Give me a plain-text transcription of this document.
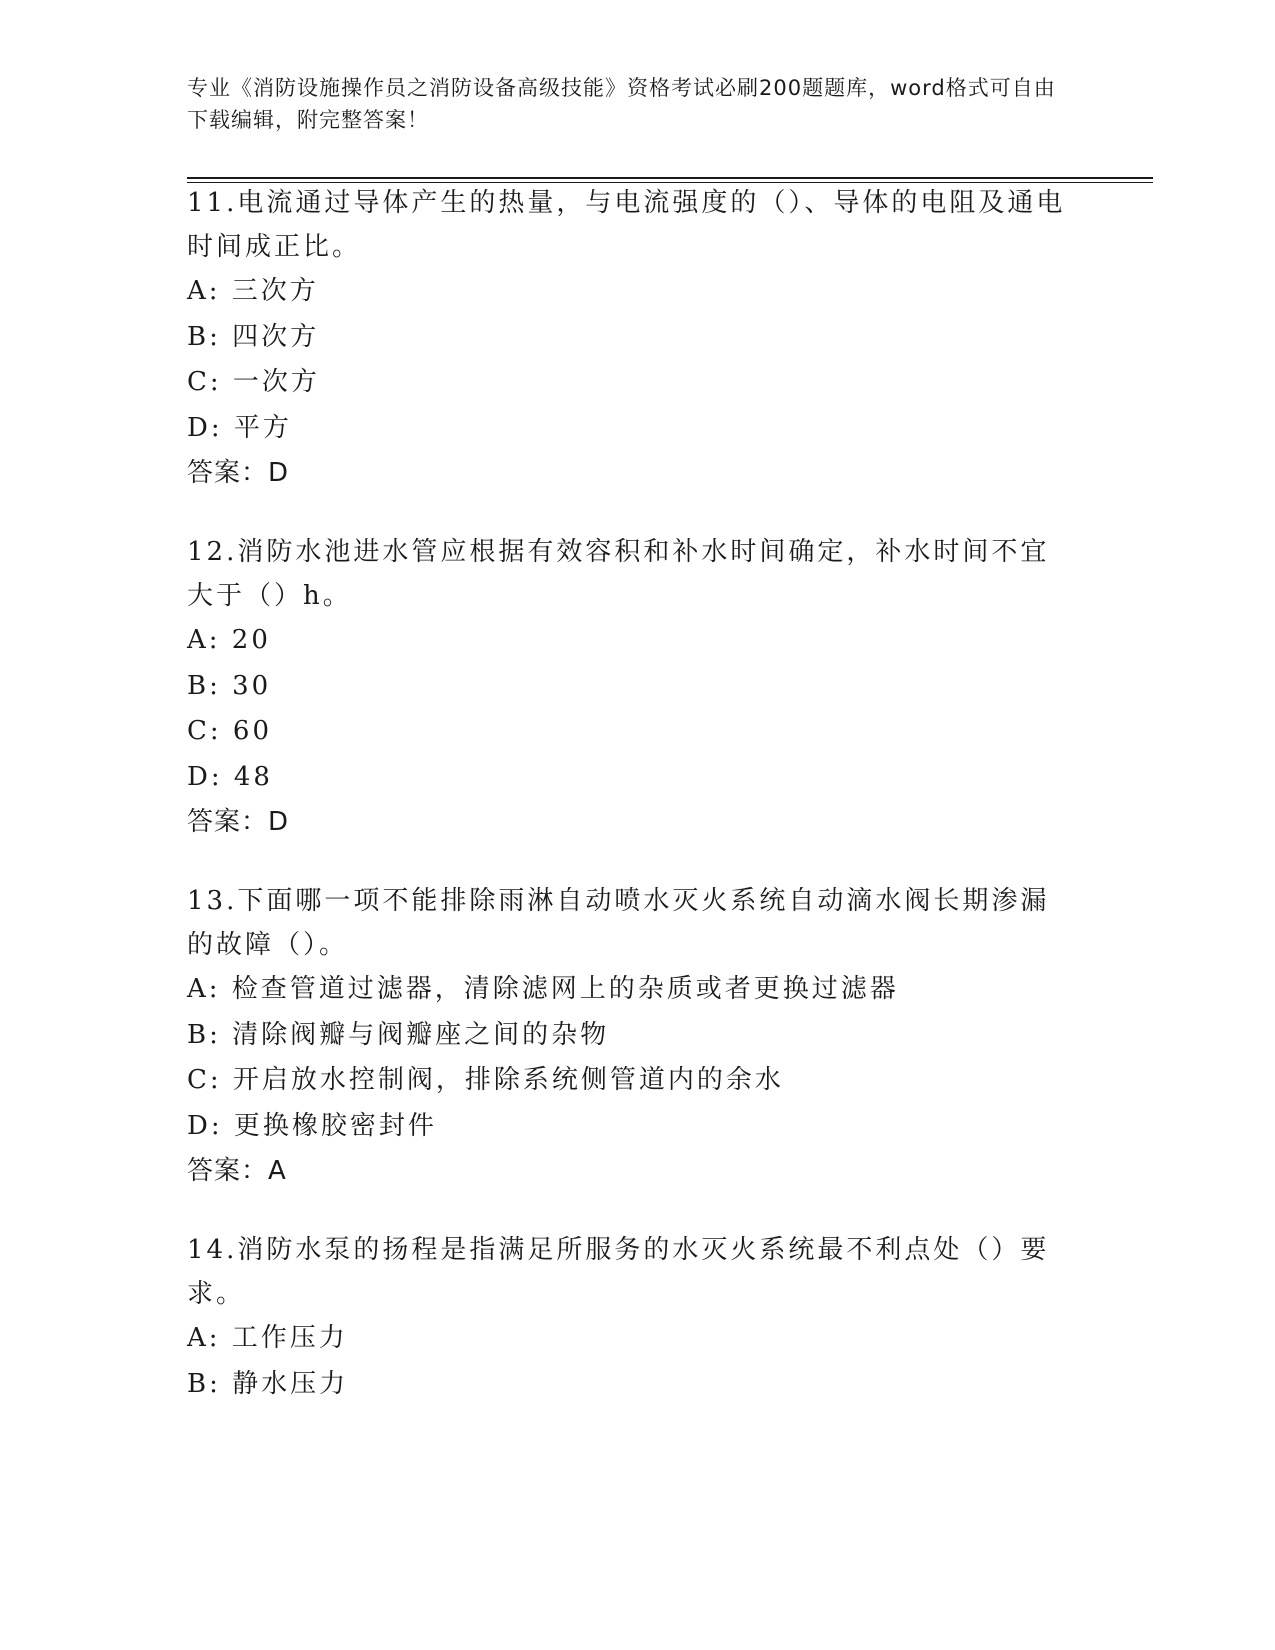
专业《消防设施操作员之消防设备高级技能》资格考试必刷200题题库，word格式可自由下载编辑，附完整答案！

11.电流通过导体产生的热量，与电流强度的（）、导体的电阻及通电时间成正比。

A: 三次方

B: 四次方

C: 一次方

D: 平方

答案：D

12.消防水池进水管应根据有效容积和补水时间确定，补水时间不宜大于（）h。

A: 20

B: 30

C: 60

D: 48

答案：D

13.下面哪一项不能排除雨淋自动喷水灭火系统自动滴水阀长期渗漏的故障（）。

A: 检查管道过滤器，清除滤网上的杂质或者更换过滤器

B: 清除阀瓣与阀瓣座之间的杂物

C: 开启放水控制阀，排除系统侧管道内的余水

D: 更换橡胶密封件

答案：A

14.消防水泵的扬程是指满足所服务的水灭火系统最不利点处（）要求。

A: 工作压力

B: 静水压力
